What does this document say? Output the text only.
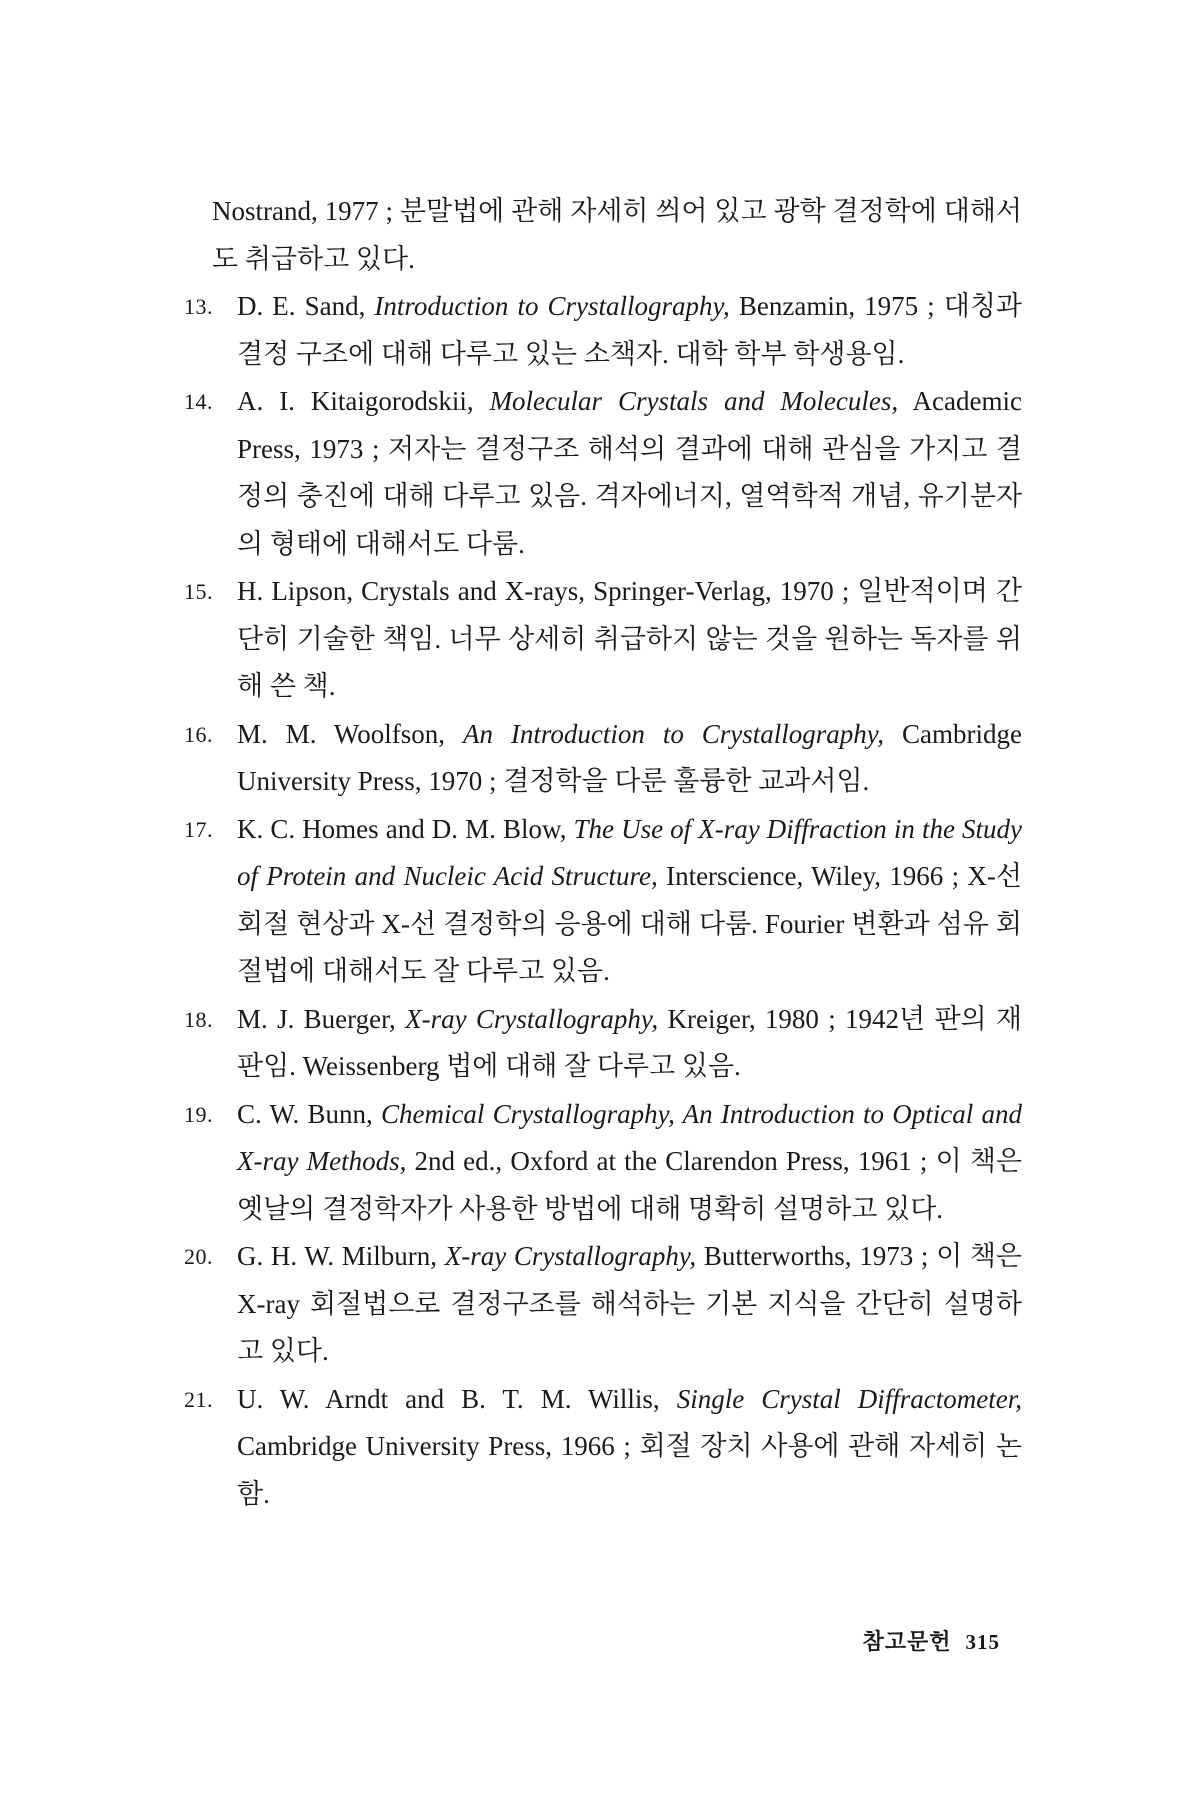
Nostrand, 1977 ; 분말법에 관해 자세히 씌어 있고 광학 결정학에 대해서도 취급하고 있다.
13. D. E. Sand, Introduction to Crystallography, Benzamin, 1975 ; 대칭과 결정 구조에 대해 다루고 있는 소책자. 대학 학부 학생용임.
14. A. I. Kitaigorodskii, Molecular Crystals and Molecules, Academic Press, 1973 ; 저자는 결정구조 해석의 결과에 대해 관심을 가지고 결정의 충진에 대해 다루고 있음. 격자에너지, 열역학적 개념, 유기분자의 형태에 대해서도 다룸.
15. H. Lipson, Crystals and X-rays, Springer-Verlag, 1970 ; 일반적이며 간단히 기술한 책임. 너무 상세히 취급하지 않는 것을 원하는 독자를 위해 쓴 책.
16. M. M. Woolfson, An Introduction to Crystallography, Cambridge University Press, 1970 ; 결정학을 다룬 훌륭한 교과서임.
17. K. C. Homes and D. M. Blow, The Use of X-ray Diffraction in the Study of Protein and Nucleic Acid Structure, Interscience, Wiley, 1966 ; X-선 회절 현상과 X-선 결정학의 응용에 대해 다룸. Fourier 변환과 섬유 회절법에 대해서도 잘 다루고 있음.
18. M. J. Buerger, X-ray Crystallography, Kreiger, 1980 ; 1942년 판의 재판임. Weissenberg 법에 대해 잘 다루고 있음.
19. C. W. Bunn, Chemical Crystallography, An Introduction to Optical and X-ray Methods, 2nd ed., Oxford at the Clarendon Press, 1961 ; 이 책은 옛날의 결정학자가 사용한 방법에 대해 명확히 설명하고 있다.
20. G. H. W. Milburn, X-ray Crystallography, Butterworths, 1973 ; 이 책은 X-ray 회절법으로 결정구조를 해석하는 기본 지식을 간단히 설명하고 있다.
21. U. W. Arndt and B. T. M. Willis, Single Crystal Diffractometer, Cambridge University Press, 1966 ; 회절 장치 사용에 관해 자세히 논함.
참고문헌 315
